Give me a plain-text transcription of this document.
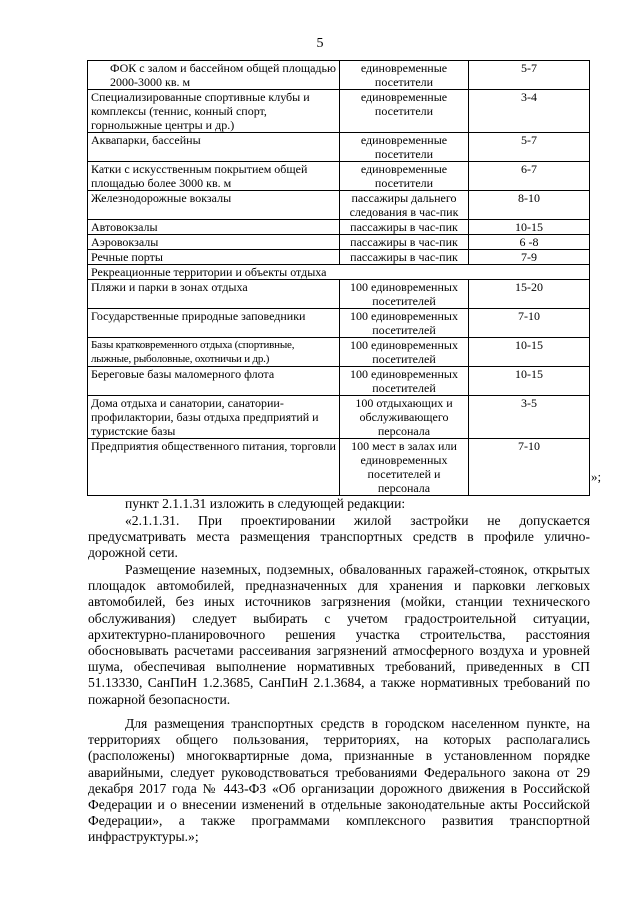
5
ФОК с залом и бассейном общей площадью 2000-3000 кв. м	единовременные посетители	5-7
Специализированные спортивные клубы и комплексы (теннис, конный спорт, горнолыжные центры и др.)	единовременные посетители	3-4
Аквапарки, бассейны	единовременные посетители	5-7
Катки с искусственным покрытием общей площадью более 3000 кв. м	единовременные посетители	6-7
Железнодорожные вокзалы	пассажиры дальнего следования в час-пик	8-10
Автовокзалы	пассажиры в час-пик	10-15
Аэровокзалы	пассажиры в час-пик	6 -8
Речные порты	пассажиры в час-пик	7-9
Рекреационные территории и объекты отдыха		
Пляжи и парки в зонах отдыха	100 единовременных посетителей	15-20
Государственные природные заповедники	100 единовременных посетителей	7-10
Базы кратковременного отдыха (спортивные, лыжные, рыболовные, охотничьи и др.)	100 единовременных посетителей	10-15
Береговые базы маломерного флота	100 единовременных посетителей	10-15
Дома отдыха и санатории, санатории-профилактории, базы отдыха предприятий и туристские базы	100 отдыхающих и обслуживающего персонала	3-5
Предприятия общественного питания, торговли	100 мест в залах или единовременных посетителей и персонала	7-10
»;

пункт 2.1.1.31 изложить в следующей редакции:

«2.1.1.31. При проектировании жилой застройки не допускается предусматривать места размещения транспортных средств в профиле улично-дорожной сети.

Размещение наземных, подземных, обвалованных гаражей-стоянок, открытых площадок автомобилей, предназначенных для хранения и парковки легковых автомобилей, без иных источников загрязнения (мойки, станции технического обслуживания) следует выбирать с учетом градостроительной ситуации, архитектурно-планировочного решения участка строительства, расстояния обосновывать расчетами рассеивания загрязнений атмосферного воздуха и уровней шума, обеспечивая выполнение нормативных требований, приведенных в СП 51.13330, СанПиН 1.2.3685, СанПиН 2.1.3684, а также нормативных требований по пожарной безопасности.

Для размещения транспортных средств в городском населенном пункте, на территориях общего пользования, территориях, на которых располагались (расположены) многоквартирные дома, признанные в установленном порядке аварийными, следует руководствоваться требованиями Федерального закона от 29 декабря 2017 года № 443-ФЗ «Об организации дорожного движения в Российской Федерации и о внесении изменений в отдельные законодательные акты Российской Федерации», а также программами комплексного развития транспортной инфраструктуры.»;
